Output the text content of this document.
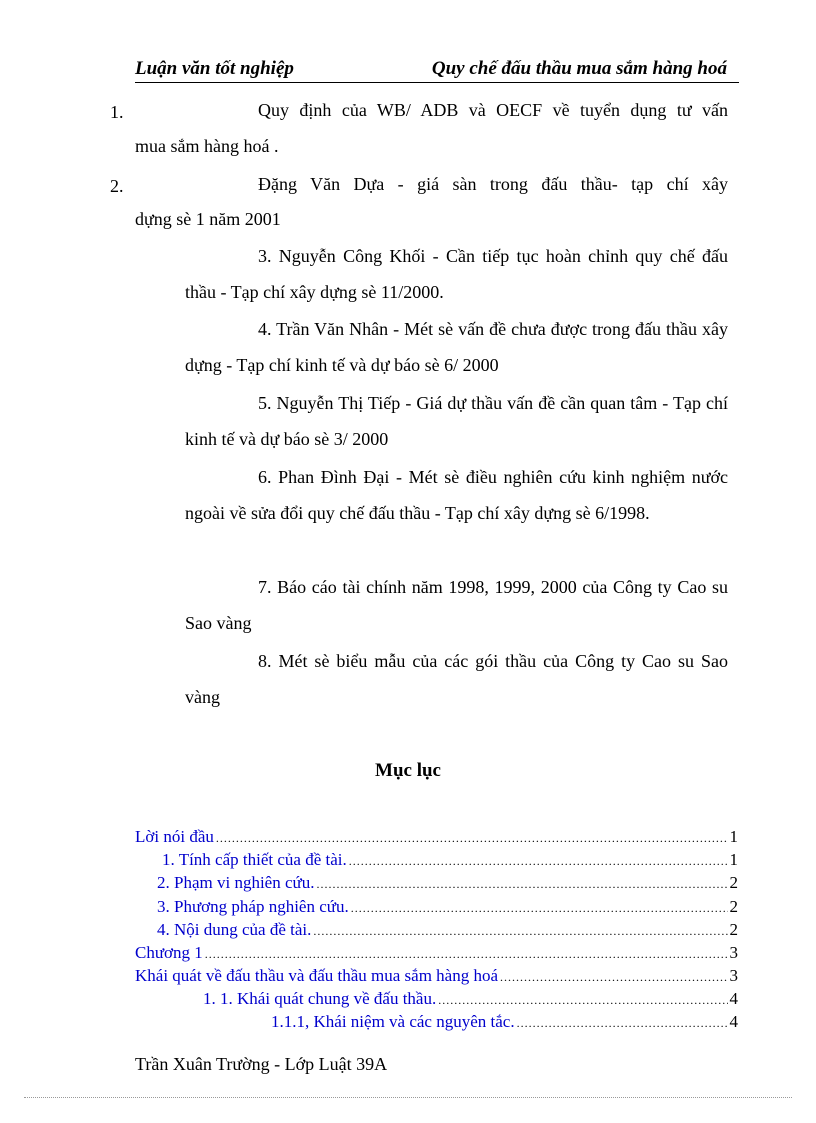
Luận văn tốt nghiệp	Quy chế đấu thầu mua sắm hàng hoá
1.	Quy định của WB/ ADB và OECF về tuyển dụng tư vấn

mua sắm hàng hoá .

2.	Đặng Văn Dựa - giá sàn trong đấu thầu- tạp chí xây

dựng sè 1 năm 2001

3. Nguyễn Công Khối - Cần tiếp tục hoàn chỉnh quy chế đấu thầu - Tạp chí xây dựng sè 11/2000.

4. Trần Văn Nhân - Mét sè vấn đề chưa được trong đấu thầu xây dựng - Tạp chí kinh tế và dự báo sè 6/ 2000

5. Nguyễn Thị Tiếp - Giá dự thầu vấn đề cần quan tâm - Tạp chí kinh tế và dự báo sè 3/ 2000

6. Phan Đình Đại - Mét sè điều nghiên cứu kinh nghiệm nước ngoài về sửa đổi quy chế đấu thầu - Tạp chí xây dựng sè 6/1998.

7. Báo cáo tài chính năm 1998, 1999, 2000 của Công ty Cao su Sao vàng

8. Mét sè biểu mẫu của các gói thầu của Công ty Cao su Sao vàng

Mục lục
Lời nói đầu .....	1
1. Tính cấp thiết của đề tài. .....	1
2. Phạm vi nghiên cứu. .....	2
3. Phương pháp nghiên cứu. .....	2
4. Nội dung của đề tài. .....	2
Chương 1 .....	3
Khái quát về đấu thầu và đấu thầu mua sắm hàng hoá .....	3
1. 1. Khái quát chung về đấu thầu. .....	4
1.1.1, Khái niệm và các nguyên tắc. .....	4
Trần Xuân Trường - Lớp Luật 39A
